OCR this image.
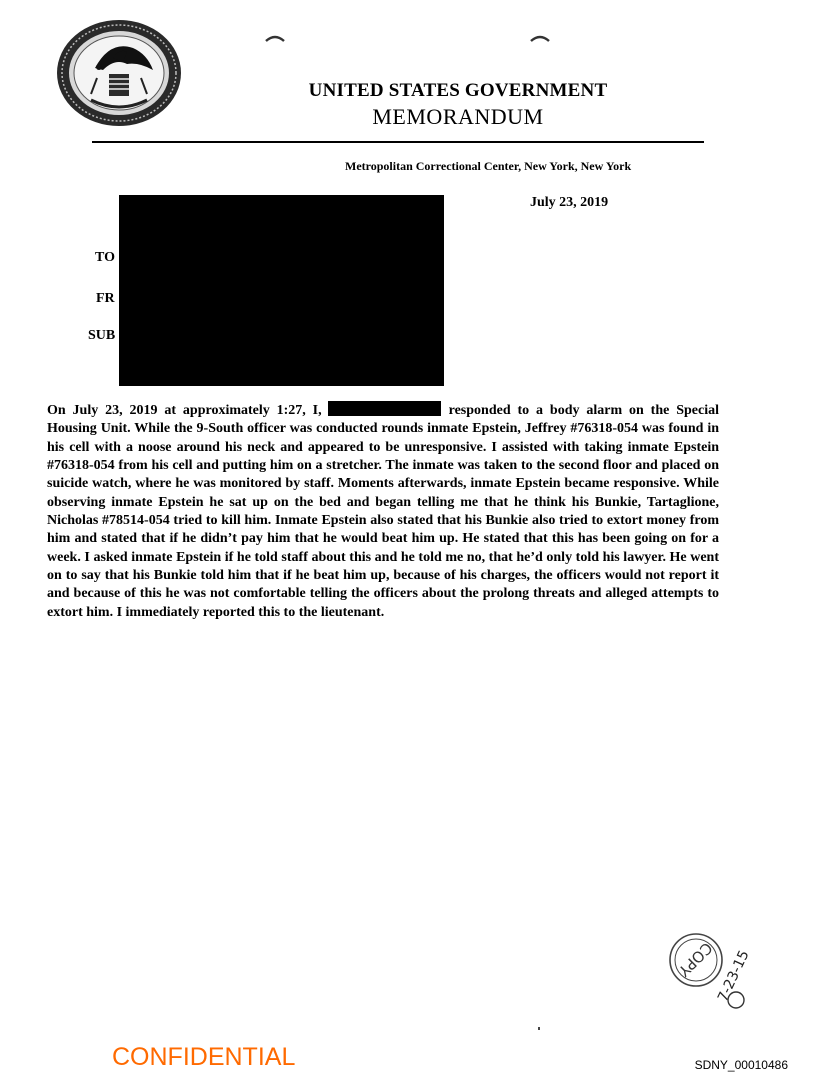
UNITED STATES GOVERNMENT
MEMORANDUM
Metropolitan Correctional Center, New York, New York
July 23, 2019
TO
FR
SUB
On July 23, 2019 at approximately 1:27, I,	responded to a body alarm on the Special Housing Unit. While the 9-South officer was conducted rounds inmate Epstein, Jeffrey #76318-054 was found in his cell with a noose around his neck and appeared to be unresponsive. I assisted with taking inmate Epstein #76318-054 from his cell and putting him on a stretcher. The inmate was taken to the second floor and placed on suicide watch, where he was monitored by staff. Moments afterwards, inmate Epstein became responsive. While observing inmate Epstein he sat up on the bed and began telling me that he think his Bunkie, Tartaglione, Nicholas #78514-054 tried to kill him. Inmate Epstein also stated that his Bunkie also tried to extort money from him and stated that if he didn’t pay him that he would beat him up. He stated that this has been going on for a week. I asked inmate Epstein if he told staff about this and he told me no, that he’d only told his lawyer. He went on to say that his Bunkie told him that if he beat him up, because of his charges, the officers would not report it and because of this he was not comfortable telling the officers about the prolong threats and alleged attempts to extort him. I immediately reported this to the lieutenant.
COPY 7-23-15
CONFIDENTIAL	SDNY_00010486
